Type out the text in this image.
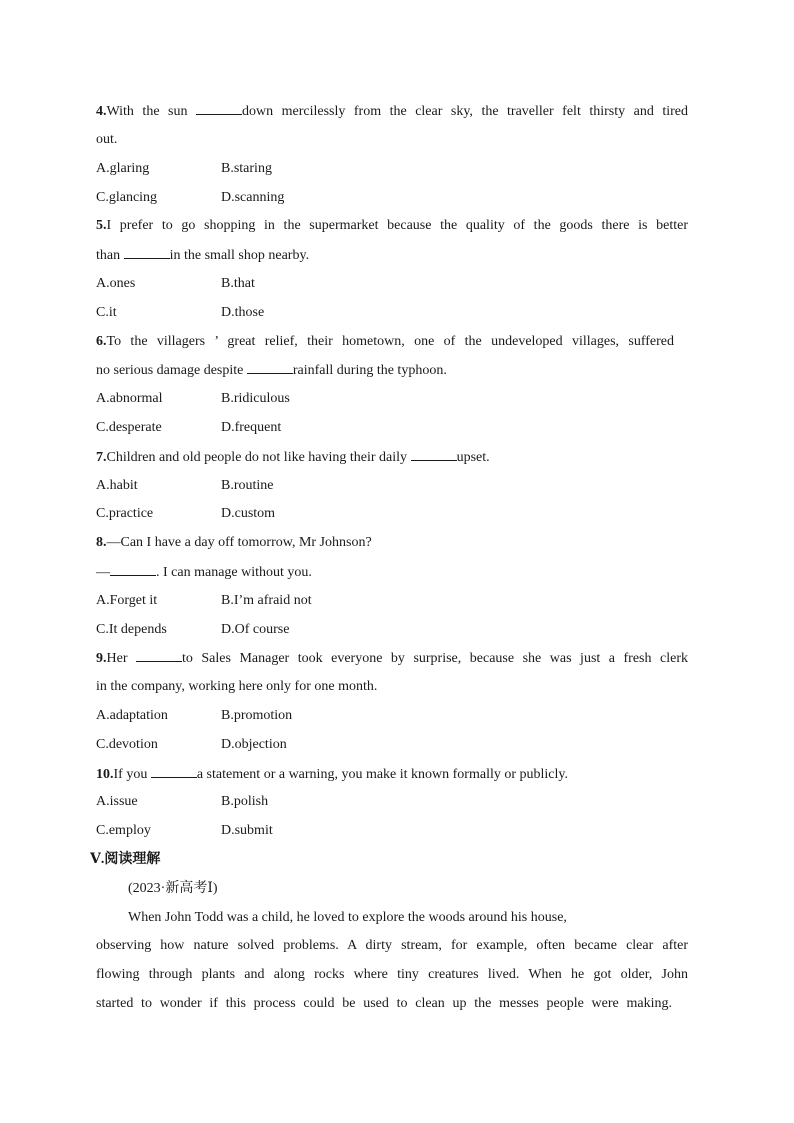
4.With the sun	down mercilessly from the clear sky, the traveller felt thirsty and tired
out.
A.glaring	B.staring
C.glancing	D.scanning
5.I prefer to go shopping in the supermarket because the quality of the goods there is better
than	in the small shop nearby.
A.ones	B.that
C.it	D.those
6.To the villagers ’ great relief, their hometown, one of the undeveloped villages, suffered
no serious damage despite	rainfall during the typhoon.
A.abnormal	B.ridiculous
C.desperate	D.frequent
7.Children and old people do not like having their daily	upset.
A.habit	B.routine
C.practice	D.custom
8.—Can I have a day off tomorrow, Mr Johnson?
—	. I can manage without you.
A.Forget it	B.I’m afraid not
C.It depends	D.Of course
9.Her	to Sales Manager took everyone by surprise, because she was just a fresh clerk
in the company, working here only for one month.
A.adaptation	B.promotion
C.devotion	D.objection
10.If you	a statement or a warning, you make it known formally or publicly.
A.issue	B.polish
C.employ	D.submit
Ⅴ.阅读理解
(2023·新高考Ⅰ)
When John Todd was a child, he loved to explore the woods around his house,
observing how nature solved problems. A dirty stream, for example, often became clear after
flowing through plants and along rocks where tiny creatures lived. When he got older, John
started to wonder if this process could be used to clean up the messes people were making.
